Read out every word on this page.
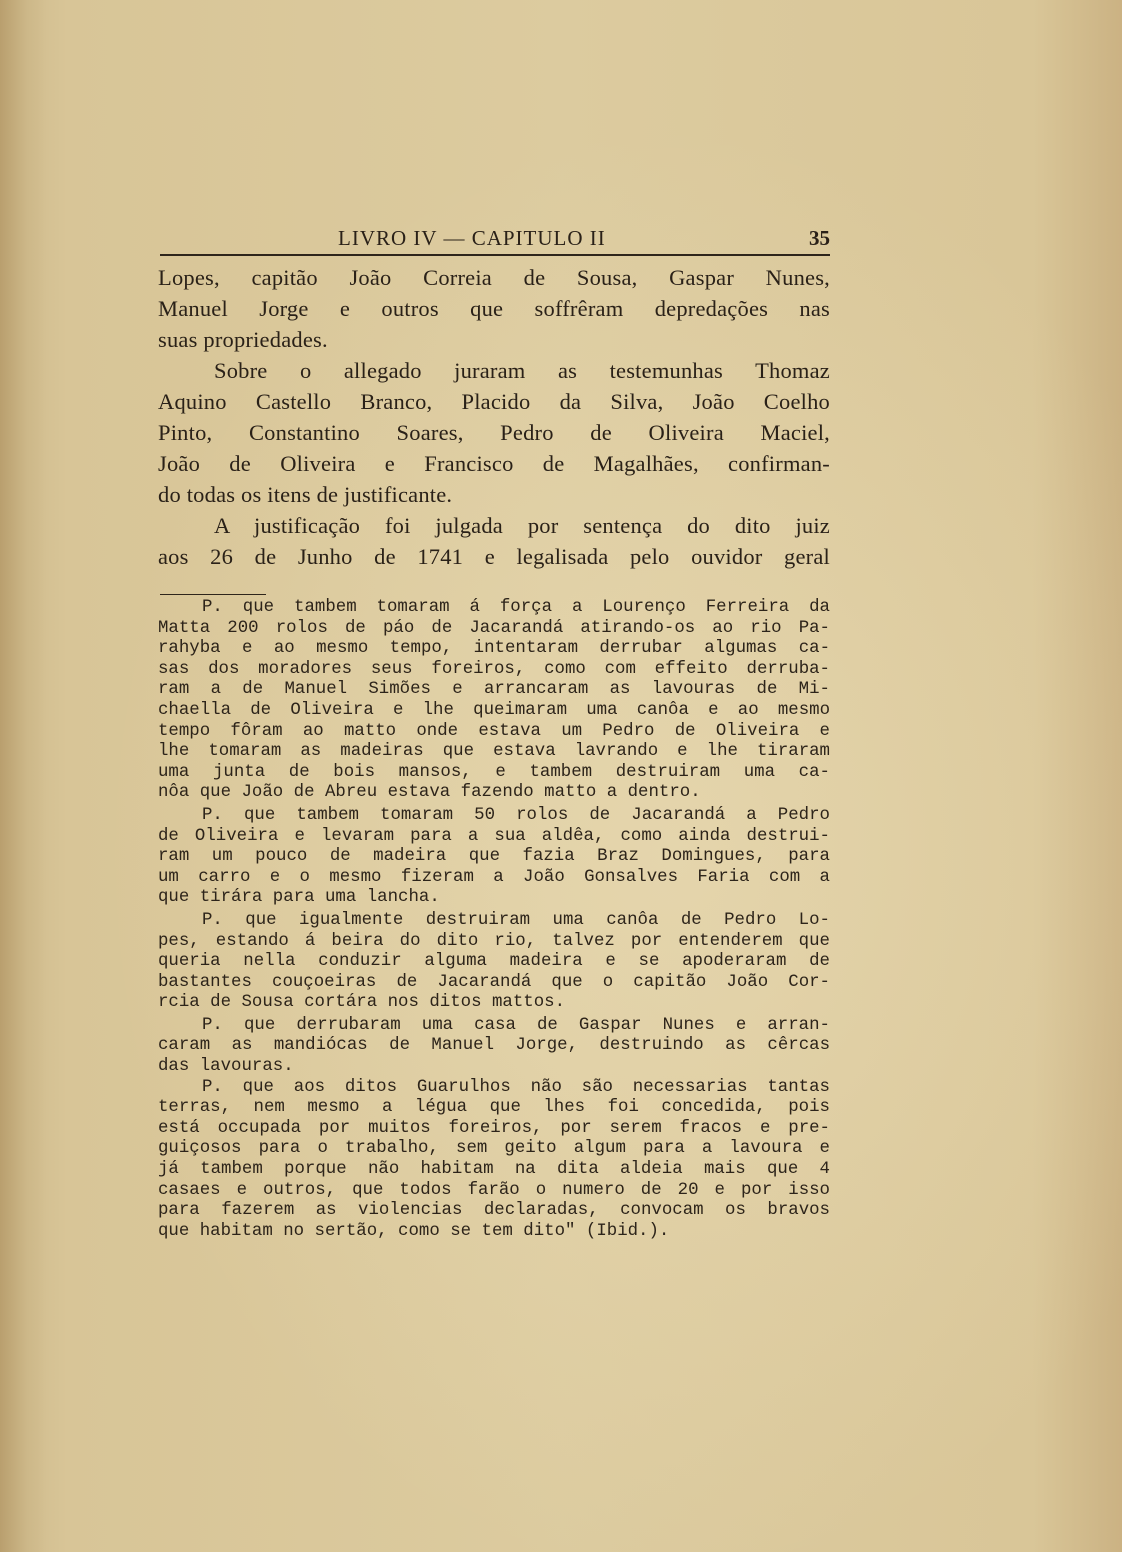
LIVRO IV — CAPITULO II	35
Lopes, capitão João Correia de Sousa, Gaspar Nunes,
Manuel Jorge e outros que soffrêram depredações nas
suas propriedades.
Sobre o allegado juraram as testemunhas Thomaz
Aquino Castello Branco, Placido da Silva, João Coelho
Pinto, Constantino Soares, Pedro de Oliveira Maciel,
João de Oliveira e Francisco de Magalhães, confirman-
do todas os itens de justificante.
A justificação foi julgada por sentença do dito juiz
aos 26 de Junho de 1741 e legalisada pelo ouvidor geral
P. que tambem tomaram á força a Lourenço Ferreira da
Matta 200 rolos de páo de Jacarandá atirando-os ao rio Pa-
rahyba e ao mesmo tempo, intentaram derrubar algumas ca-
sas dos moradores seus foreiros, como com effeito derruba-
ram a de Manuel Simões e arrancaram as lavouras de Mi-
chaella de Oliveira e lhe queimaram uma canôa e ao mesmo
tempo fôram ao matto onde estava um Pedro de Oliveira e
lhe tomaram as madeiras que estava lavrando e lhe tiraram
uma junta de bois mansos, e tambem destruiram uma ca-
nôa que João de Abreu estava fazendo matto a dentro.
P. que tambem tomaram 50 rolos de Jacarandá a Pedro
de Oliveira e levaram para a sua aldêa, como ainda destrui-
ram um pouco de madeira que fazia Braz Domingues, para
um carro e o mesmo fizeram a João Gonsalves Faria com a
que tirára para uma lancha.
P. que igualmente destruiram uma canôa de Pedro Lo-
pes, estando á beira do dito rio, talvez por entenderem que
queria nella conduzir alguma madeira e se apoderaram de
bastantes couçoeiras de Jacarandá que o capitão João Cor-
rcia de Sousa cortára nos ditos mattos.
P. que derrubaram uma casa de Gaspar Nunes e arran-
caram as mandiócas de Manuel Jorge, destruindo as cêrcas
das lavouras.
P. que aos ditos Guarulhos não são necessarias tantas
terras, nem mesmo a légua que lhes foi concedida, pois
está occupada por muitos foreiros, por serem fracos e pre-
guiçosos para o trabalho, sem geito algum para a lavoura e
já tambem porque não habitam na dita aldeia mais que 4
casaes e outros, que todos farão o numero de 20 e por isso
para fazerem as violencias declaradas, convocam os bravos
que habitam no sertão, como se tem dito" (Ibid.).
